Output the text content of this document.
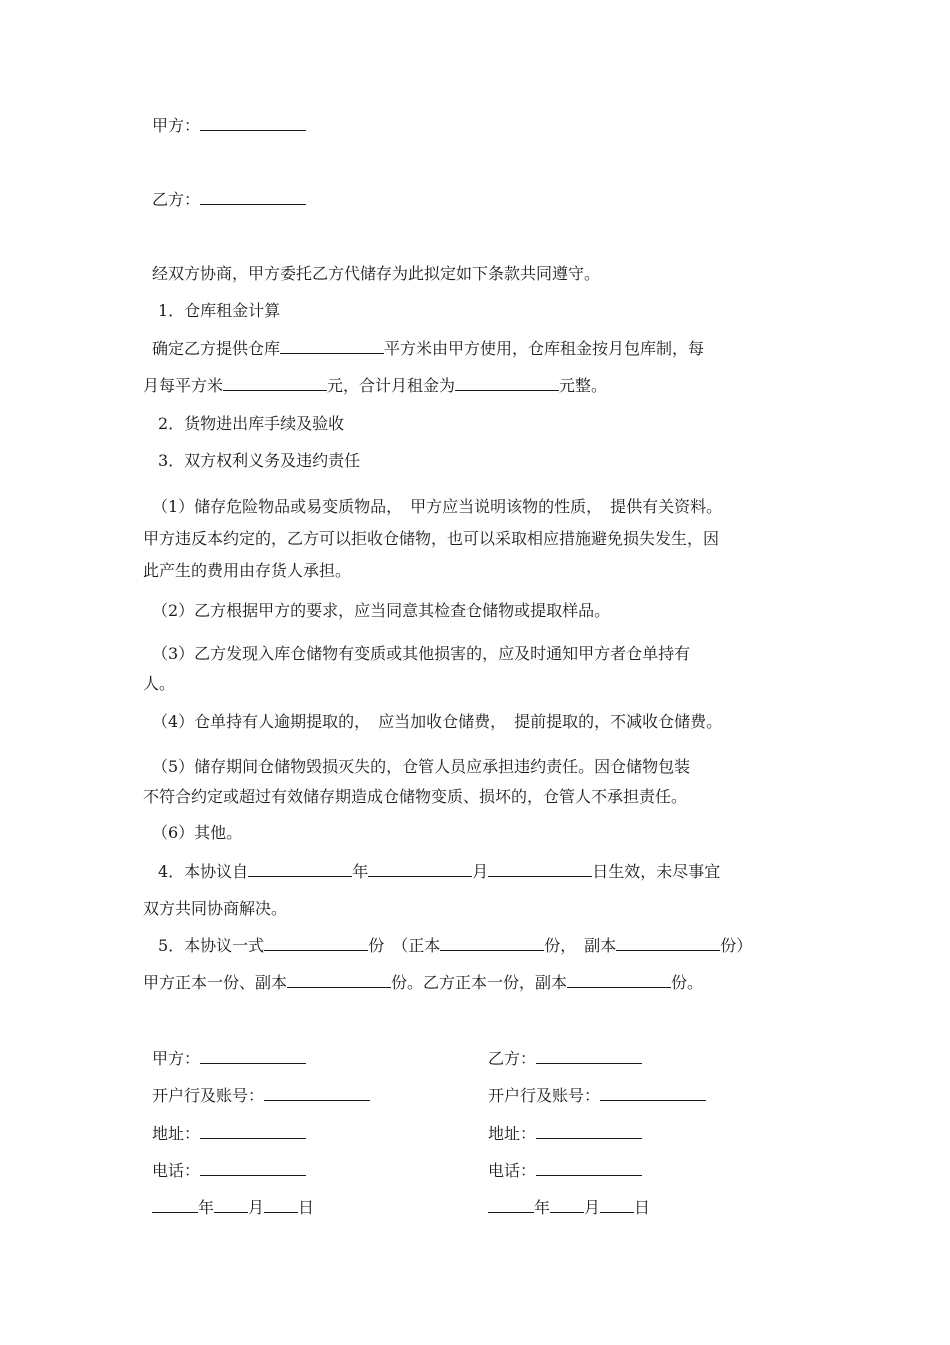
甲方：
乙方：
经双方协商，甲方委托乙方代储存为此拟定如下条款共同遵守。
1．仓库租金计算
确定乙方提供仓库	平方米由甲方使用，仓库租金按月包库制，每
月每平方米	元，合计月租金为	元整。
2．货物进出库手续及验收
3．双方权利义务及违约责任
（1）储存危险物品或易变质物品，　甲方应当说明该物的性质，　提供有关资料。
甲方违反本约定的，乙方可以拒收仓储物，也可以采取相应措施避免损失发生，因
此产生的费用由存货人承担。
（2）乙方根据甲方的要求，应当同意其检查仓储物或提取样品。
（3）乙方发现入库仓储物有变质或其他损害的，应及时通知甲方者仓单持有
人。
（4）仓单持有人逾期提取的，　应当加收仓储费，　提前提取的，不减收仓储费。
（5）储存期间仓储物毁损灭失的，仓管人员应承担违约责任。因仓储物包装
不符合约定或超过有效储存期造成仓储物变质、损坏的，仓管人不承担责任。
（6）其他。
4．本协议自	年	月	日生效，未尽事宜
双方共同协商解决。
5．本协议一式	份　（正本	份，　副本	份）
甲方正本一份、副本	份。乙方正本一份，副本	份。
甲方：
开户行及账号：
地址：
电话：
年 月 日
乙方：
开户行及账号：
地址：
电话：
年 月 日
